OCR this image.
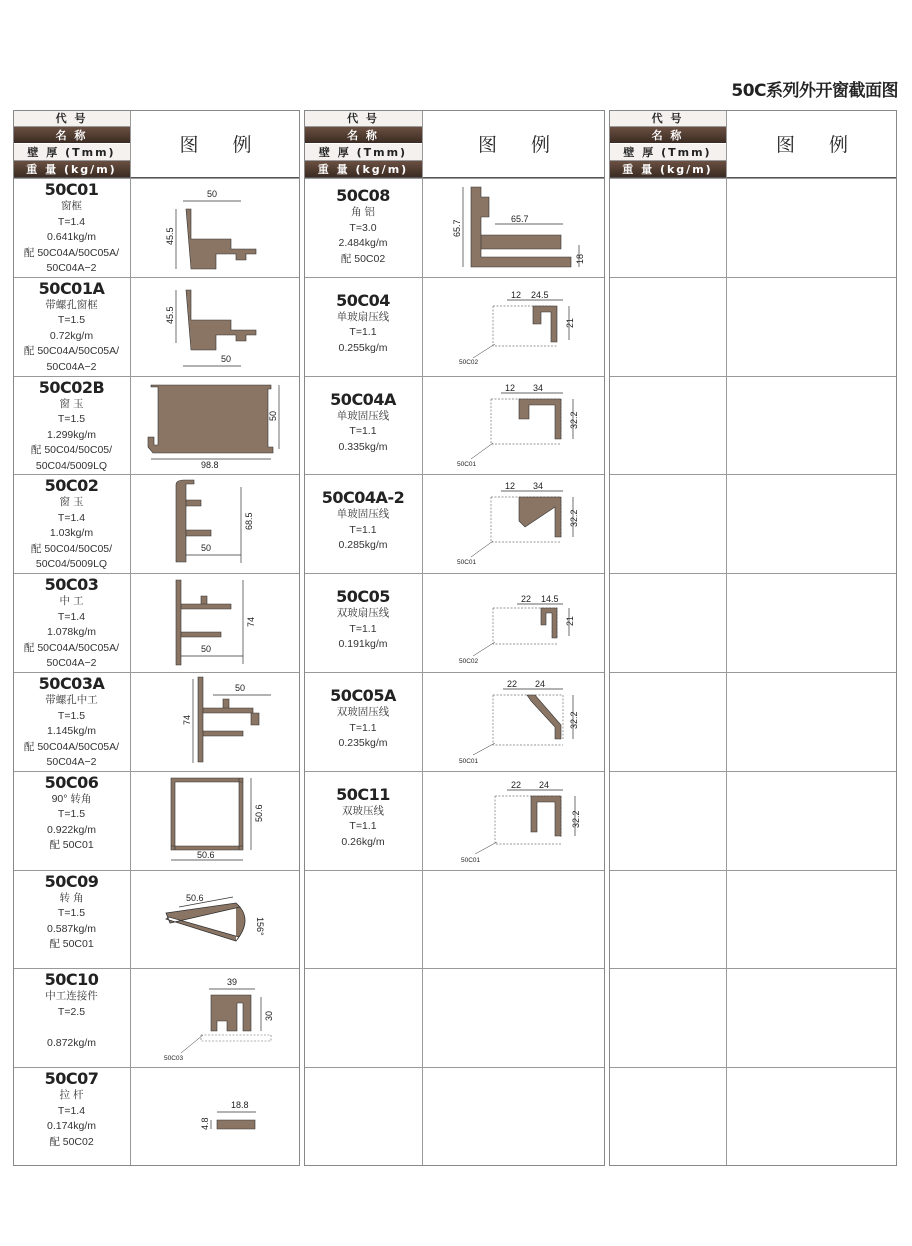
50C系列外开窗截面图
代 号
名 称
壁 厚 (Tmm)
重 量 (kg/m)
图 例
50C01
窗框
T=1.4
0.641kg/m
配 50C04A/50C05A/
50C04A−2
50
45.5
50C01A
带螺孔窗框
T=1.5
0.72kg/m
配 50C04A/50C05A/
50C04A−2
45.5
50
50C02B
窗 玉
T=1.5
1.299kg/m
配 50C04/50C05/
50C04/5009LQ
50
98.8
50C02
窗 玉
T=1.4
1.03kg/m
配 50C04/50C05/
50C04/5009LQ
68.5
50
50C03
中 工
T=1.4
1.078kg/m
配 50C04A/50C05A/
50C04A−2
74
50
50C03A
带螺孔中工
T=1.5
1.145kg/m
配 50C04A/50C05A/
50C04A−2
50
74
50C06
90° 转角
T=1.5
0.922kg/m
配 50C01
50.6
50.6
50C09
转 角
T=1.5
0.587kg/m
配 50C01
50.6
156°
50C10
中工连接件
T=2.5

0.872kg/m
39
30
50C03
50C07
拉 杆
T=1.4
0.174kg/m
配 50C02
18.8
4.8
代 号
名 称
壁 厚 (Tmm)
重 量 (kg/m)
图 例
50C08
角 铝
T=3.0
2.484kg/m
配 50C02
65.7
65.7
18
50C04
单玻扇压线
T=1.1
0.255kg/m
12 24.5
21
50C02
50C04A
单玻固压线
T=1.1
0.335kg/m
12 34
32.2
50C01
50C04A-2
单玻固压线
T=1.1
0.285kg/m
12 34
32.2
50C01
50C05
双玻扇压线
T=1.1
0.191kg/m
22 14.5
21
50C02
50C05A
双玻固压线
T=1.1
0.235kg/m
22 24
32.2
50C01
50C11
双玻压线
T=1.1
0.26kg/m
22 24
32.2
50C01
代 号
名 称
壁 厚 (Tmm)
重 量 (kg/m)
图 例
